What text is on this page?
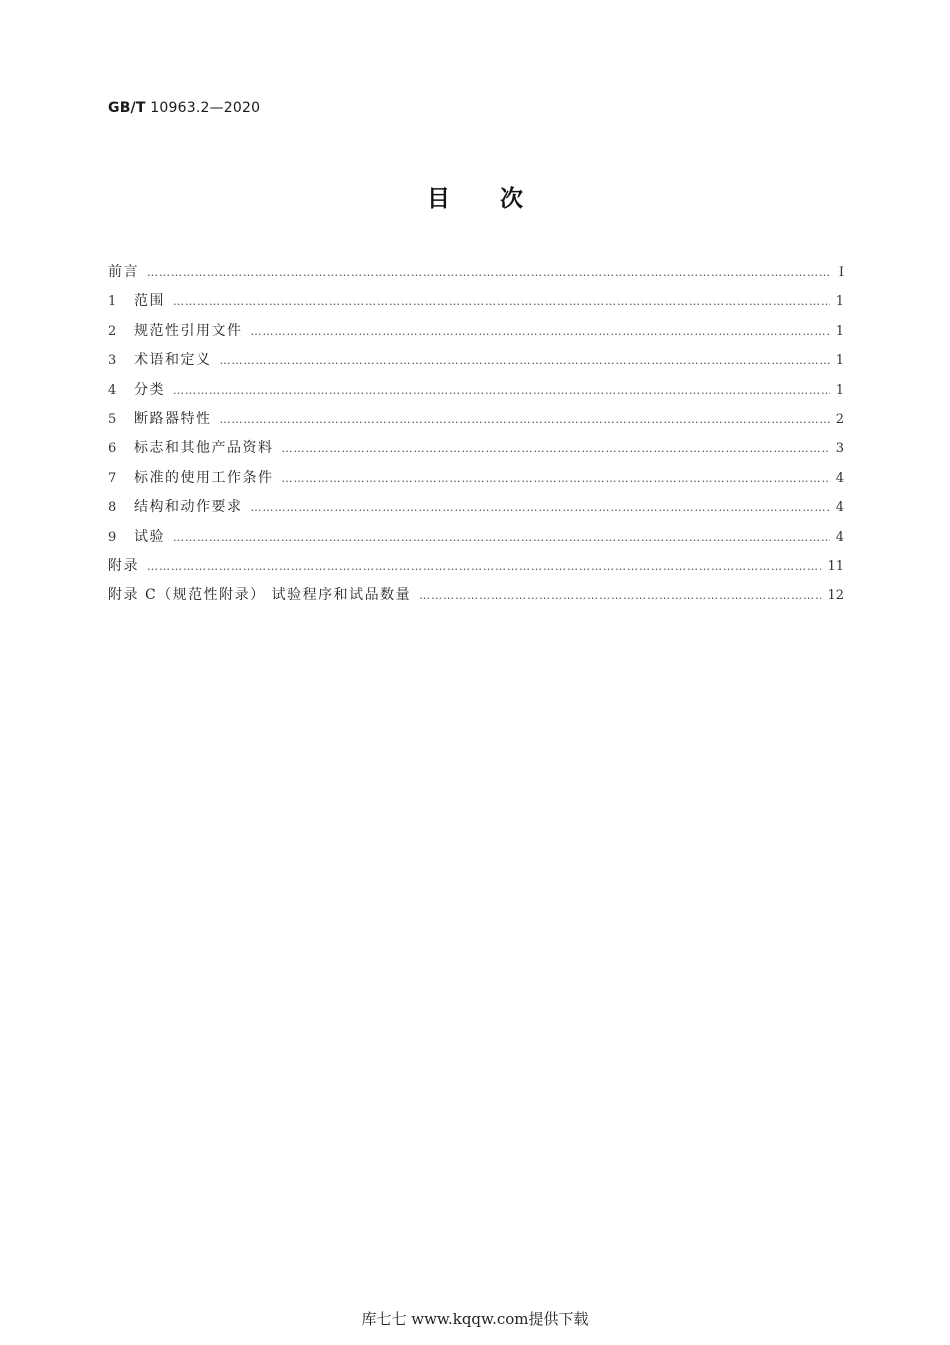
GB/T 10963.2—2020
目次
前言 …………………………………………………………………………………………………………………………………………………………………………………………………………	Ⅰ
1	范围 …………………………………………………………………………………………………………………………………………………………………………………………………………	1
2	规范性引用文件 …………………………………………………………………………………………………………………………………………………………………………………………………………	1
3	术语和定义 …………………………………………………………………………………………………………………………………………………………………………………………………………	1
4	分类 …………………………………………………………………………………………………………………………………………………………………………………………………………	1
5	断路器特性 …………………………………………………………………………………………………………………………………………………………………………………………………………	2
6	标志和其他产品资料 …………………………………………………………………………………………………………………………………………………………………………………………………………	3
7	标准的使用工作条件 …………………………………………………………………………………………………………………………………………………………………………………………………………	4
8	结构和动作要求 …………………………………………………………………………………………………………………………………………………………………………………………………………	4
9	试验 …………………………………………………………………………………………………………………………………………………………………………………………………………	4
附录 …………………………………………………………………………………………………………………………………………………………………………………………………………	11
附录 C（规范性附录） 试验程序和试品数量 …………………………………………………………………………………………………………………………………………………………………………………………………………	12
库七七 www.kqqw.com提供下载
